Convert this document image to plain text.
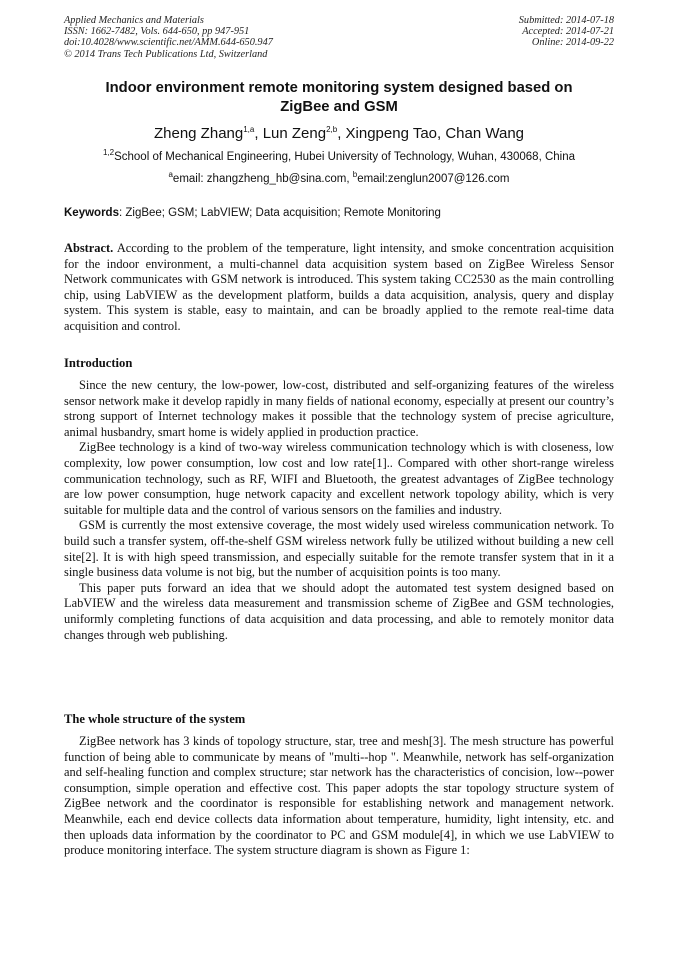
Applied Mechanics and Materials
ISSN: 1662-7482, Vols. 644-650, pp 947-951
doi:10.4028/www.scientific.net/AMM.644-650.947
© 2014 Trans Tech Publications Ltd, Switzerland
Submitted: 2014-07-18
Accepted: 2014-07-21
Online: 2014-09-22
Indoor environment remote monitoring system designed based on
ZigBee and GSM
Zheng Zhang$^{1,a}$, Lun Zeng$^{2,b}$, Xingpeng Tao, Chan Wang
$^{1,2}$School of Mechanical Engineering, Hubei University of Technology, Wuhan, 430068, China
$^a$email: zhangzheng_hb@sina.com, $^b$email:zenglun2007@126.com
Keywords: ZigBee; GSM; LabVIEW; Data acquisition; Remote Monitoring

Abstract. According to the problem of the temperature, light intensity, and smoke concentration acquisition for the indoor environment, a multi-channel data acquisition system based on ZigBee Wireless Sensor Network communicates with GSM network is introduced. This system taking CC2530 as the main controlling chip, using LabVIEW as the development platform, builds a data acquisition, analysis, query and display system. This system is stable, easy to maintain, and can be broadly applied to the remote real-time data acquisition and control.

Introduction

Since the new century, the low-power, low-cost, distributed and self-organizing features of the wireless sensor network make it develop rapidly in many fields of national economy, especially at present our country’s strong support of Internet technology makes it possible that the technology system of precise agriculture, animal husbandry, smart home is widely applied in production practice.

ZigBee technology is a kind of two-way wireless communication technology which is with closeness, low complexity, low power consumption, low cost and low rate[1].. Compared with other short-range wireless communication technology, such as RF, WIFI and Bluetooth, the greatest advantages of ZigBee technology are low power consumption, huge network capacity and excellent network topology ability, which is very suitable for multiple data and the control of various sensors on the families and industry.

GSM is currently the most extensive coverage, the most widely used wireless communication network. To build such a transfer system, off-the-shelf GSM wireless network fully be utilized without building a new cell site[2]. It is with high speed transmission, and especially suitable for the remote transfer system that in it a single business data volume is not big, but the number of acquisition points is too many.

This paper puts forward an idea that we should adopt the automated test system designed based on LabVIEW and the wireless data measurement and transmission scheme of ZigBee and GSM technologies, uniformly completing functions of data acquisition and data processing, and able to remotely monitor data changes through web publishing.

The whole structure of the system

ZigBee network has 3 kinds of topology structure, star, tree and mesh[3]. The mesh structure has powerful function of being able to communicate by means of "multi--hop ". Meanwhile, network has self-organization and self-healing function and complex structure; star network has the characteristics of concision, low--power consumption, simple operation and effective cost. This paper adopts the star topology structure system of ZigBee network and the coordinator is responsible for establishing network and management network. Meanwhile, each end device collects data information about temperature, humidity, light intensity, etc. and then uploads data information by the coordinator to PC and GSM module[4], in which we use LabVIEW to produce monitoring interface. The system structure diagram is shown as Figure 1:
